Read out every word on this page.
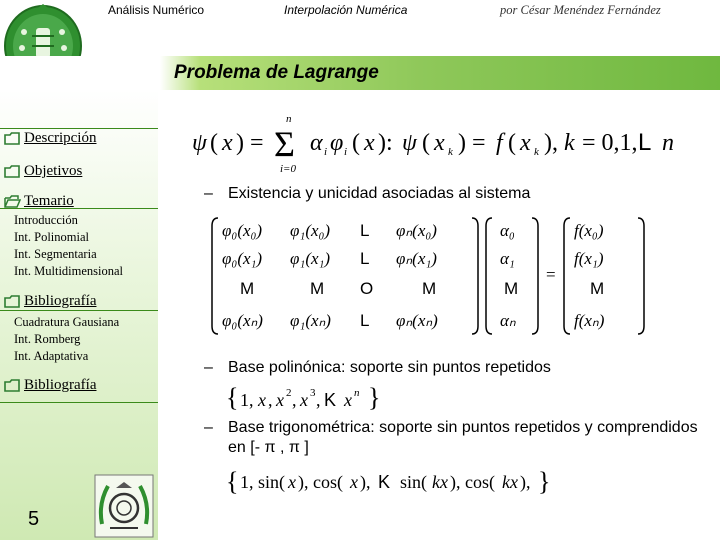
Análisis Numérico	Interpolación Numérica	por César Menéndez Fernández
Problema de Lagrange
Descripción
Objetivos
Temario
Introducción
Int. Polinomial
Int. Segmentaria
Int. Multidimensional
Bibliografía
Cuadratura Gausiana
Int. Romberg
Int. Adaptativa
Bibliografía
5
ψ ( x ) = Σ
n
i=0
α i φ i ( x ): ψ ( x k ) = f ( x k ), k = 0,1, L n
– Existencia y unicidad asociadas al sistema
φ₀(x₀) φ₁(x₀) L φₙ(x₀)
φ₀(x₁) φ₁(x₁) L φₙ(x₁)
M	M O	M
φ₀(xₙ) φ₁(xₙ) L φₙ(xₙ)
α₀
α₁
M
αₙ
=
f(x₀)
f(x₁)
M
f(xₙ)
– Base polinónica: soporte sin puntos repetidos
{ 1, x , x 2 , x 3 , K x n }
– Base trigonométrica: soporte sin puntos repetidos y comprendidos en [- π , π ]
{ 1, sin( x ), cos( x ), K sin( kx ), cos( kx ), }
